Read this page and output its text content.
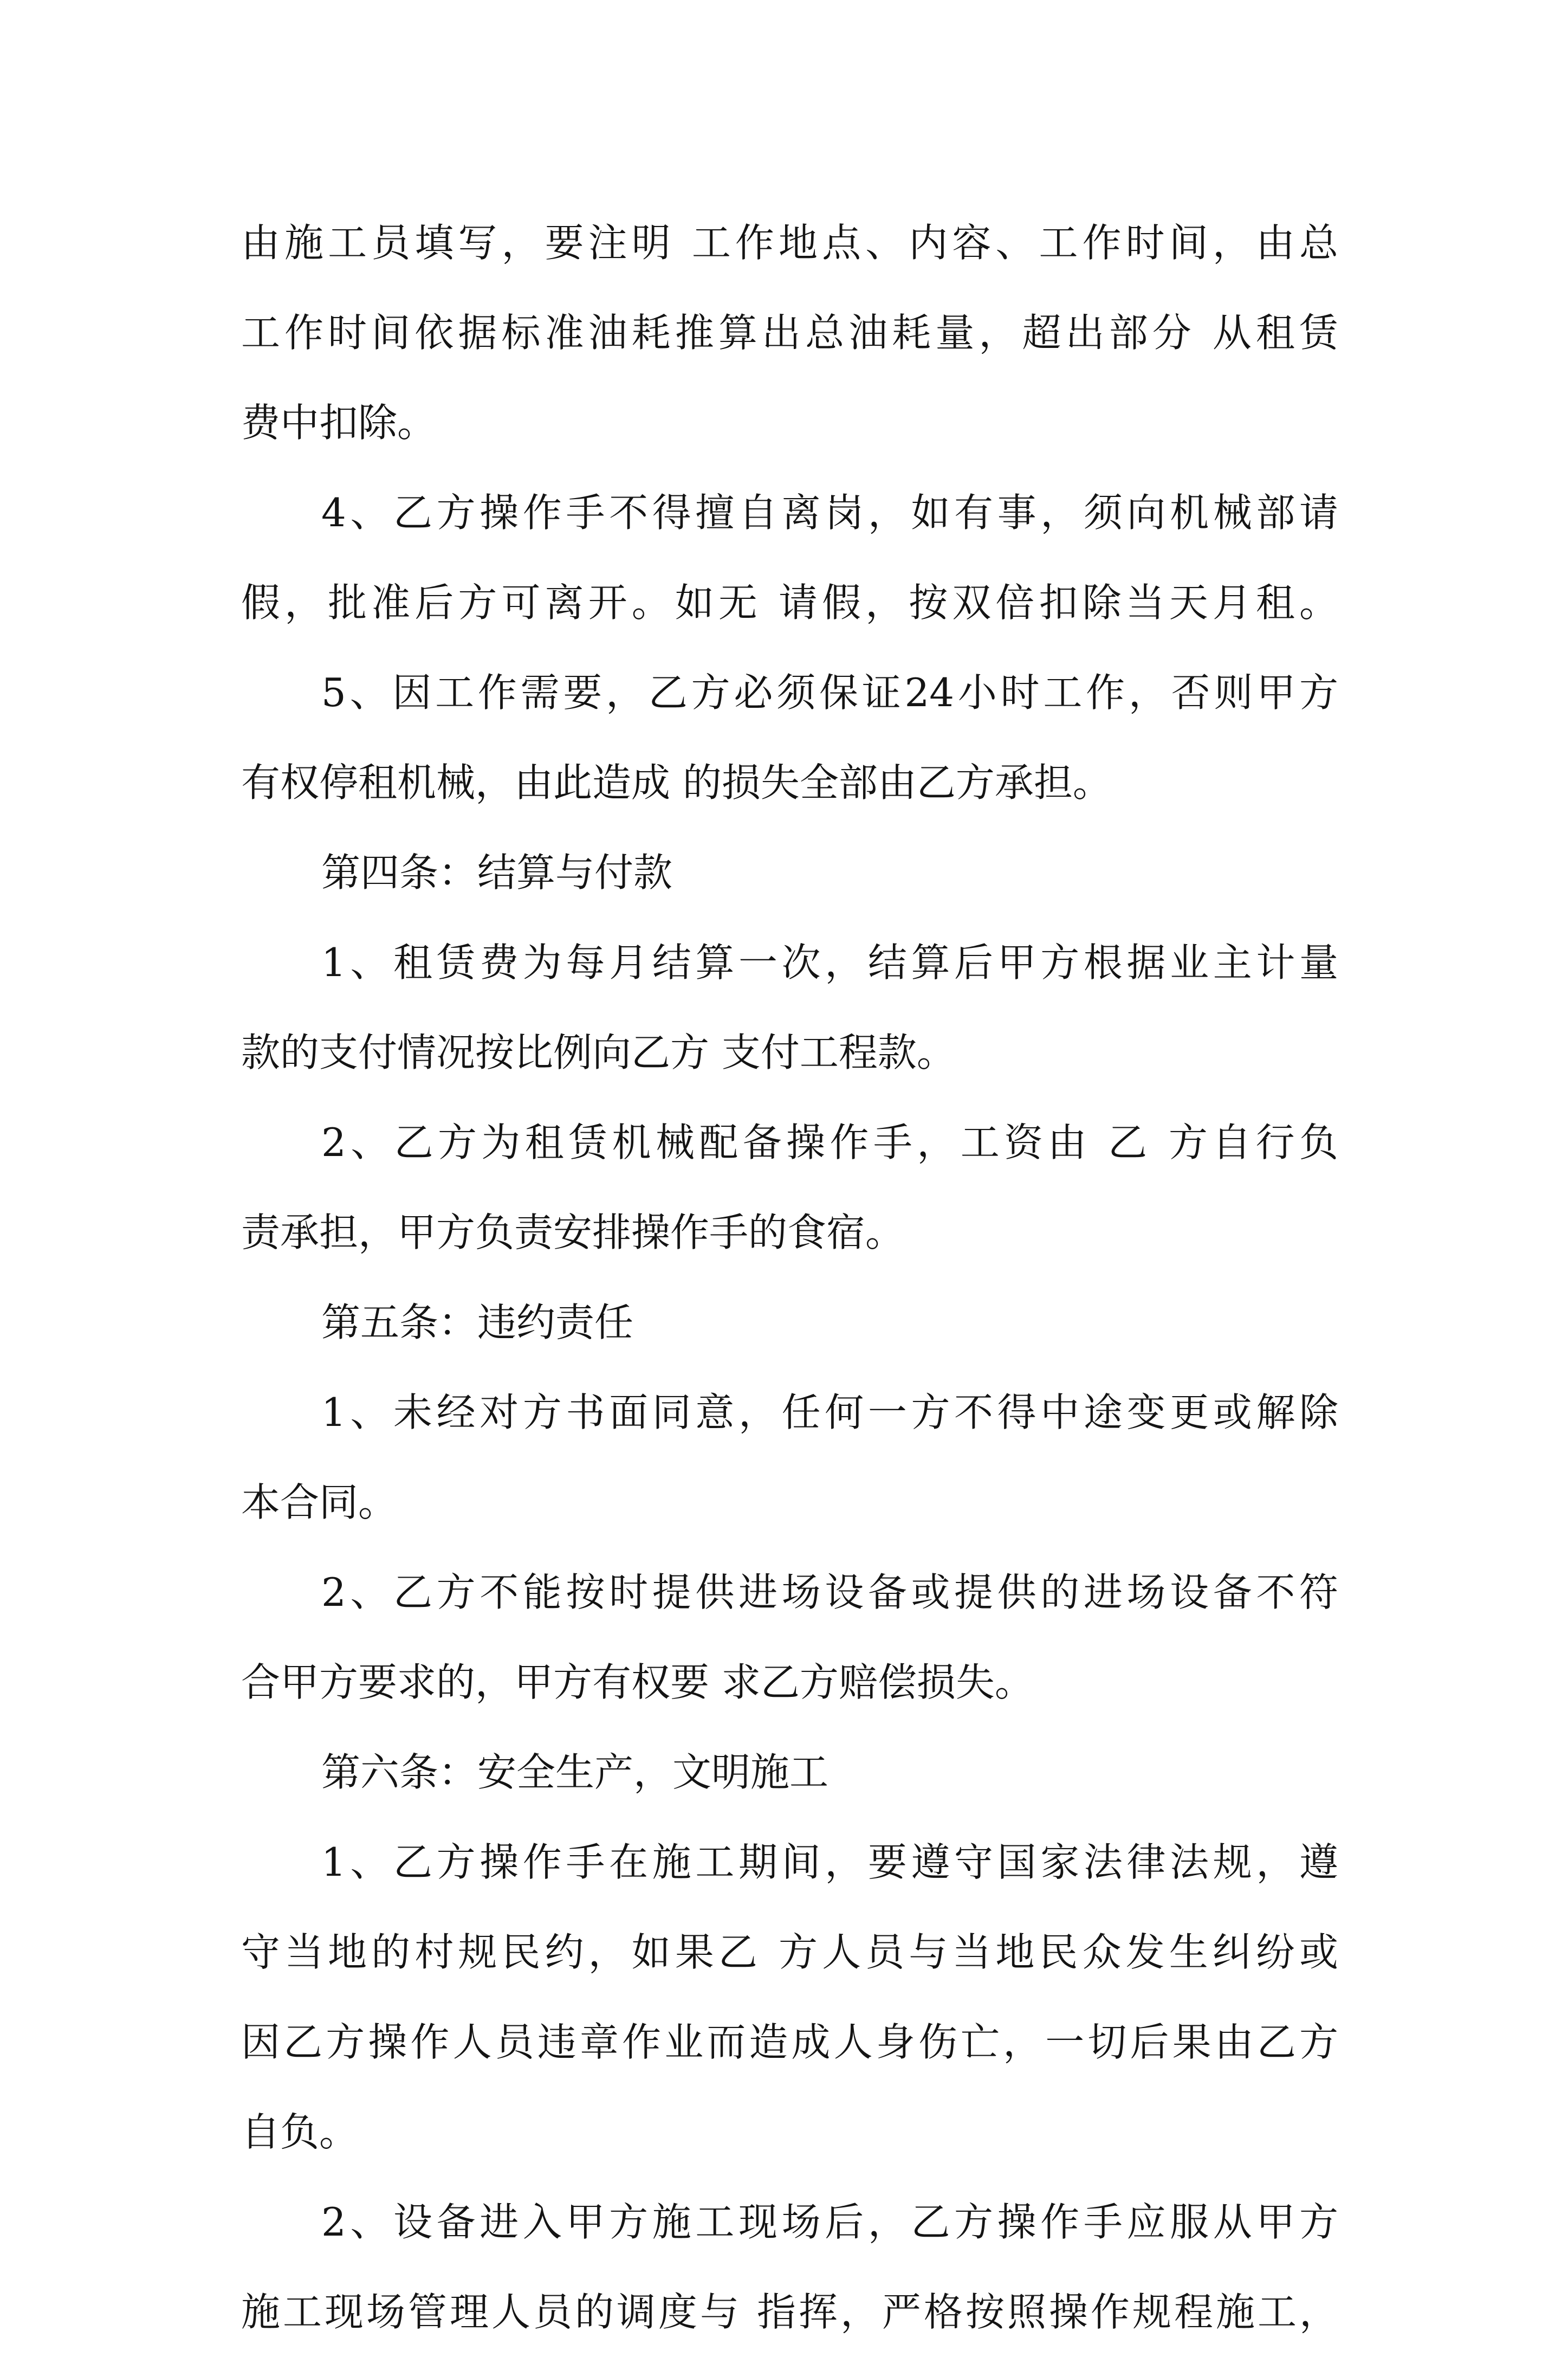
由施工员填写，要注明 工作地点、内容、工作时间，由总
工作时间依据标准油耗推算出总油耗量，超出部分 从租赁
费中扣除。
4、乙方操作手不得擅自离岗，如有事，须向机械部请
假，批准后方可离开。如无 请假，按双倍扣除当天月租。
5、因工作需要，乙方必须保证24小时工作，否则甲方
有权停租机械，由此造成 的损失全部由乙方承担。
第四条：结算与付款
1、租赁费为每月结算一次，结算后甲方根据业主计量
款的支付情况按比例向乙方 支付工程款。
2、乙方为租赁机械配备操作手，工资由 乙 方自行负
责承担，甲方负责安排操作手的食宿。
第五条：违约责任
1、未经对方书面同意，任何一方不得中途变更或解除
本合同。
2、乙方不能按时提供进场设备或提供的进场设备不符
合甲方要求的，甲方有权要 求乙方赔偿损失。
第六条：安全生产，文明施工
1、乙方操作手在施工期间，要遵守国家法律法规，遵
守当地的村规民约，如果乙 方人员与当地民众发生纠纷或
因乙方操作人员违章作业而造成人身伤亡，一切后果由乙方
自负。
2、设备进入甲方施工现场后，乙方操作手应服从甲方
施工现场管理人员的调度与 指挥，严格按照操作规程施工，
